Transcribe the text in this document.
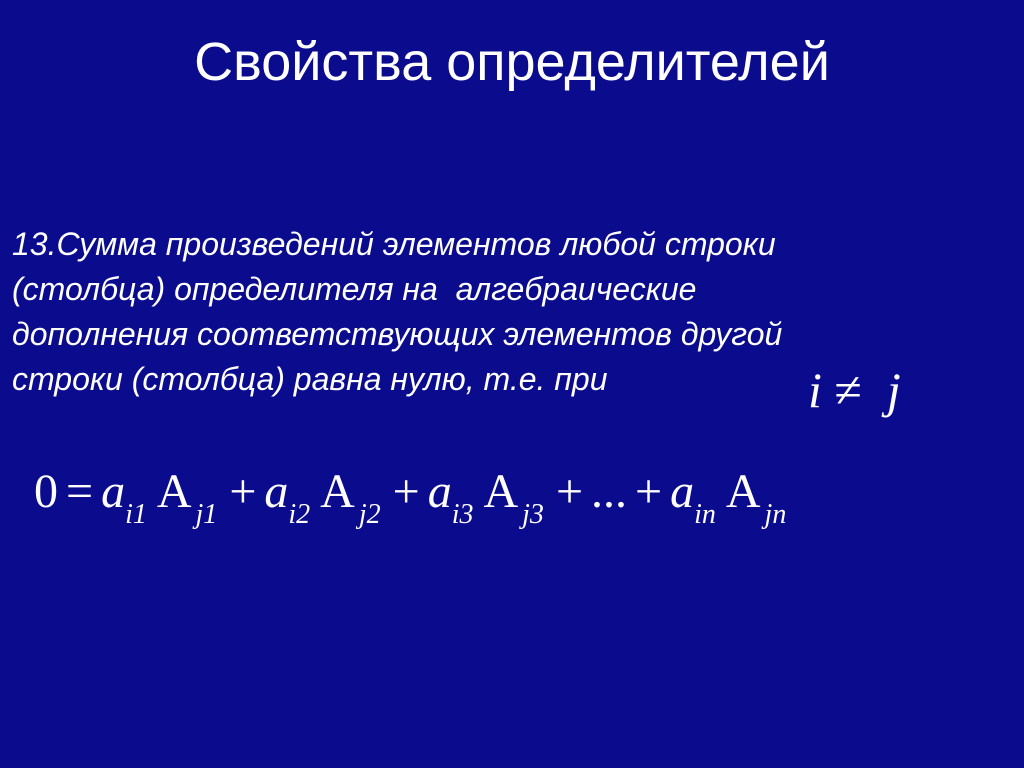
Свойства определителей
13.Сумма произведений элементов любой строки
(столбца) определителя на  алгебраические
дополнения соответствующих элементов другой
строки (столбца) равна нулю, т.е. при	i ≠ j
$0 = a_{i1}$ A $_{j1} + a_{i2}$ A $_{j2} + a_{i3}$ A $_{j3}$ + ... + $a_{in}$ A $_{jn}$
